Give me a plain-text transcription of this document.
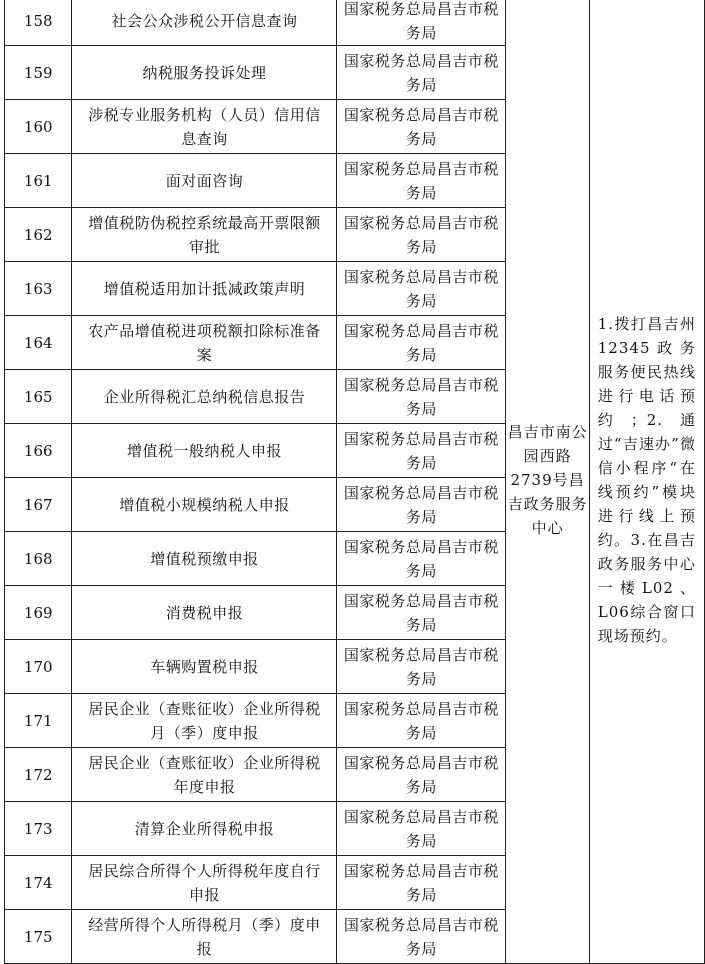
158	社会公众涉税公开信息查询	国家税务总局昌吉市税务局	昌吉市南公园西路2739号昌吉政务服务中心	1.拨打昌吉州12345政务服务便民热线进行电话预约；2.通过“吉速办”微信小程序“在线预约”模块进行线上预约。3.在昌吉政务服务中心一楼L02、L06综合窗口现场预约。

159	纳税服务投诉处理	国家税务总局昌吉市税务局		
160	涉税专业服务机构（人员）信用信息查询	国家税务总局昌吉市税务局		
161	面对面咨询	国家税务总局昌吉市税务局		
162	增值税防伪税控系统最高开票限额审批	国家税务总局昌吉市税务局		
163	增值税适用加计抵减政策声明	国家税务总局昌吉市税务局		
164	农产品增值税进项税额扣除标准备案	国家税务总局昌吉市税务局		
165	企业所得税汇总纳税信息报告	国家税务总局昌吉市税务局		
166	增值税一般纳税人申报	国家税务总局昌吉市税务局		
167	增值税小规模纳税人申报	国家税务总局昌吉市税务局		
168	增值税预缴申报	国家税务总局昌吉市税务局		
169	消费税申报	国家税务总局昌吉市税务局		
170	车辆购置税申报	国家税务总局昌吉市税务局		
171	居民企业（查账征收）企业所得税月（季）度申报	国家税务总局昌吉市税务局		
172	居民企业（查账征收）企业所得税年度申报	国家税务总局昌吉市税务局		
173	清算企业所得税申报	国家税务总局昌吉市税务局		
174	居民综合所得个人所得税年度自行申报	国家税务总局昌吉市税务局		
175	经营所得个人所得税月（季）度申报	国家税务总局昌吉市税务局		
